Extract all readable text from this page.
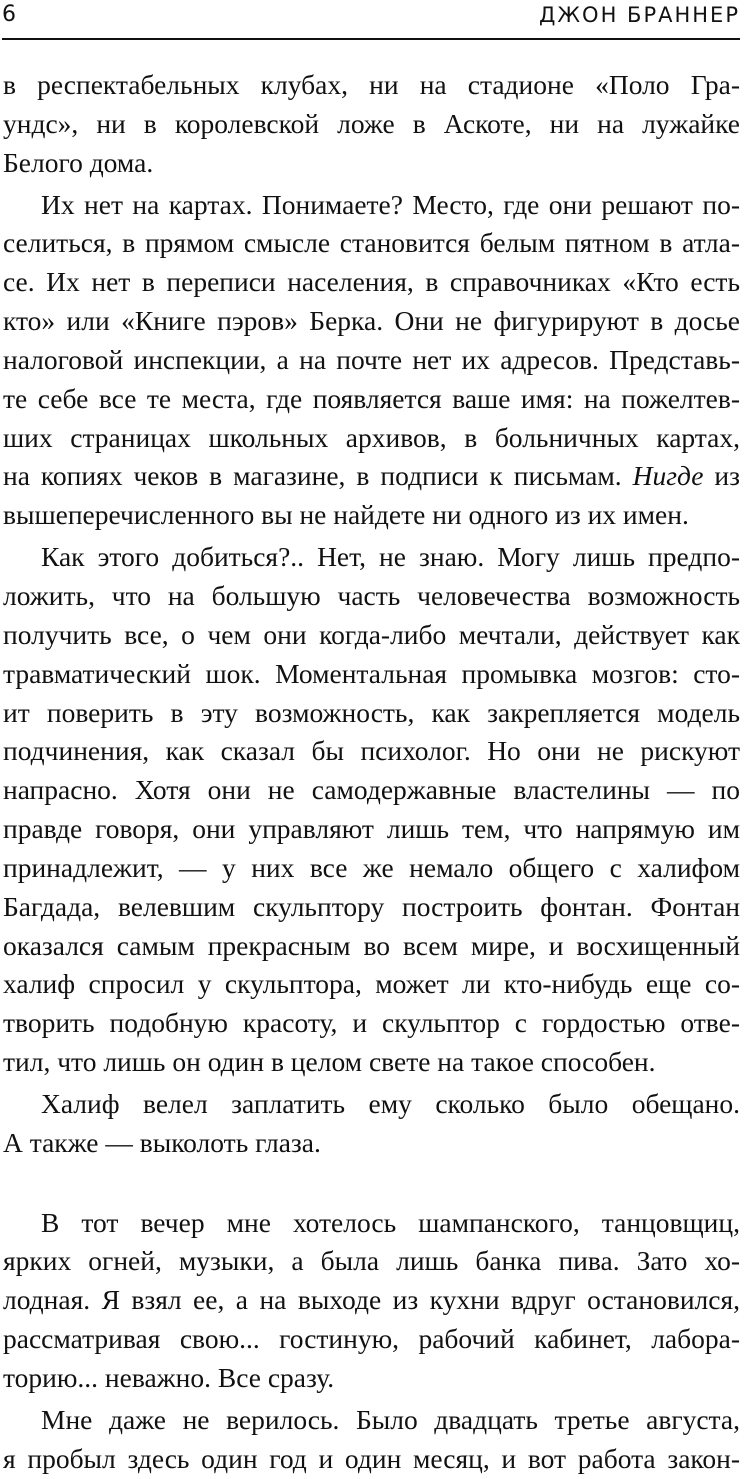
6	ДЖОН БРАННЕР
в респектабельных клубах, ни на стадионе «Поло Гра-
ундс», ни в королевской ложе в Аскоте, ни на лужайке
Белого дома.
Их нет на картах. Понимаете? Место, где они решают по-
селиться, в прямом смысле становится белым пятном в атла-
се. Их нет в переписи населения, в справочниках «Кто есть
кто» или «Книге пэров» Берка. Они не фигурируют в досье
налоговой инспекции, а на почте нет их адресов. Представь-
те себе все те места, где появляется ваше имя: на пожелтев-
ших страницах школьных архивов, в больничных картах,
на копиях чеков в магазине, в подписи к письмам. Нигде из
вышеперечисленного вы не найдете ни одного из их имен.
Как этого добиться?.. Нет, не знаю. Могу лишь предпо-
ложить, что на большую часть человечества возможность
получить все, о чем они когда-либо мечтали, действует как
травматический шок. Моментальная промывка мозгов: сто-
ит поверить в эту возможность, как закрепляется модель
подчинения, как сказал бы психолог. Но они не рискуют
напрасно. Хотя они не самодержавные властелины — по
правде говоря, они управляют лишь тем, что напрямую им
принадлежит, — у них все же немало общего с халифом
Багдада, велевшим скульптору построить фонтан. Фонтан
оказался самым прекрасным во всем мире, и восхищенный
халиф спросил у скульптора, может ли кто-нибудь еще со-
творить подобную красоту, и скульптор с гордостью отве-
тил, что лишь он один в целом свете на такое способен.
Халиф велел заплатить ему сколько было обещано.
А также — выколоть глаза.
В тот вечер мне хотелось шампанского, танцовщиц,
ярких огней, музыки, а была лишь банка пива. Зато хо-
лодная. Я взял ее, а на выходе из кухни вдруг остановился,
рассматривая свою... гостиную, рабочий кабинет, лабора-
торию... неважно. Все сразу.
Мне даже не верилось. Было двадцать третье августа,
я пробыл здесь один год и один месяц, и вот работа закон-
